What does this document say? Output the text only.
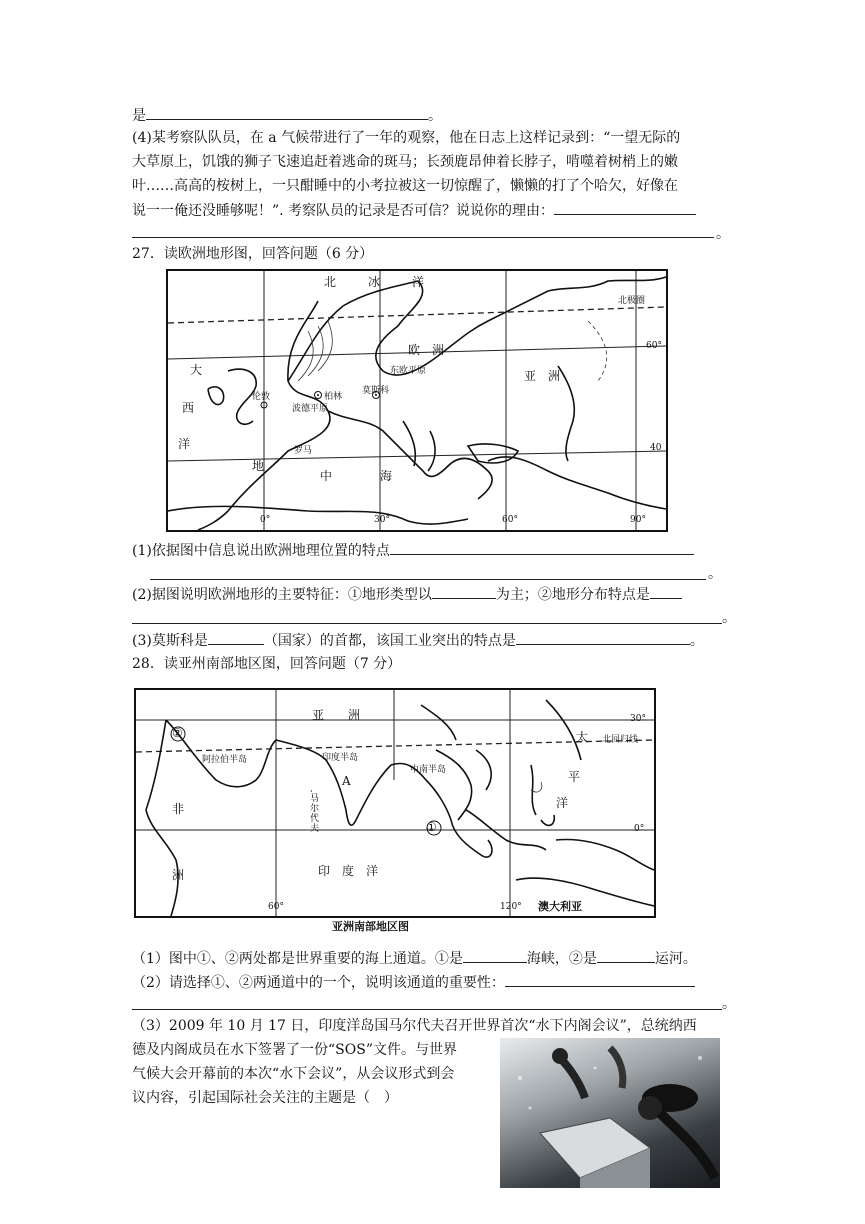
是	。
(4)某考察队队员，在 a 气候带进行了一年的观察，他在日志上这样记录到：“一望无际的
大草原上，饥饿的狮子飞速追赶着逃命的斑马；长颈鹿昂伸着长脖子，啃噬着树梢上的嫩
叶……高高的桉树上，一只酣睡中的小考拉被这一切惊醒了，懒懒的打了个哈欠，好像在
说一一俺还没睡够呢！”. 考察队员的记录是否可信？说说你的理由：
。
27．读欧洲地形图，回答问题（6 分）
北	冰	洋
北极圈
60°
40
大
西
洋
欧　洲
东欧平原
莫斯科
亚　洲
柏林
波德平原
伦敦
罗马
地
中	海
0°	30°	60°	90°
(1)依据图中信息说出欧洲地理位置的特点
。
(2)据图说明欧洲地形的主要特征：①地形类型以	为主；②地形分布特点是
。
(3)莫斯科是	（国家）的首都，该国工业突出的特点是	。
28．读亚州南部地区图，回答问题（7 分）
亚　　洲	30°
太
平
洋
北回归线
②
阿拉伯半岛	印度半岛
中南半岛
A
马尔代夫
非
洲
①	0°
印　度　洋
60°	120° 澳大利亚
亚洲南部地区图
（1）图中①、②两处都是世界重要的海上通道。①是	海峡，②是	运河。
（2）请选择①、②两通道中的一个，说明该通道的重要性：
。
（3）2009 年 10 月 17 日，印度洋岛国马尔代夫召开世界首次“水下内阁会议”，总统纳西
德及内阁成员在水下签署了一份“SOS”文件。与世界
气候大会开幕前的本次“水下会议”，从会议形式到会
议内容，引起国际社会关注的主题是（　）
